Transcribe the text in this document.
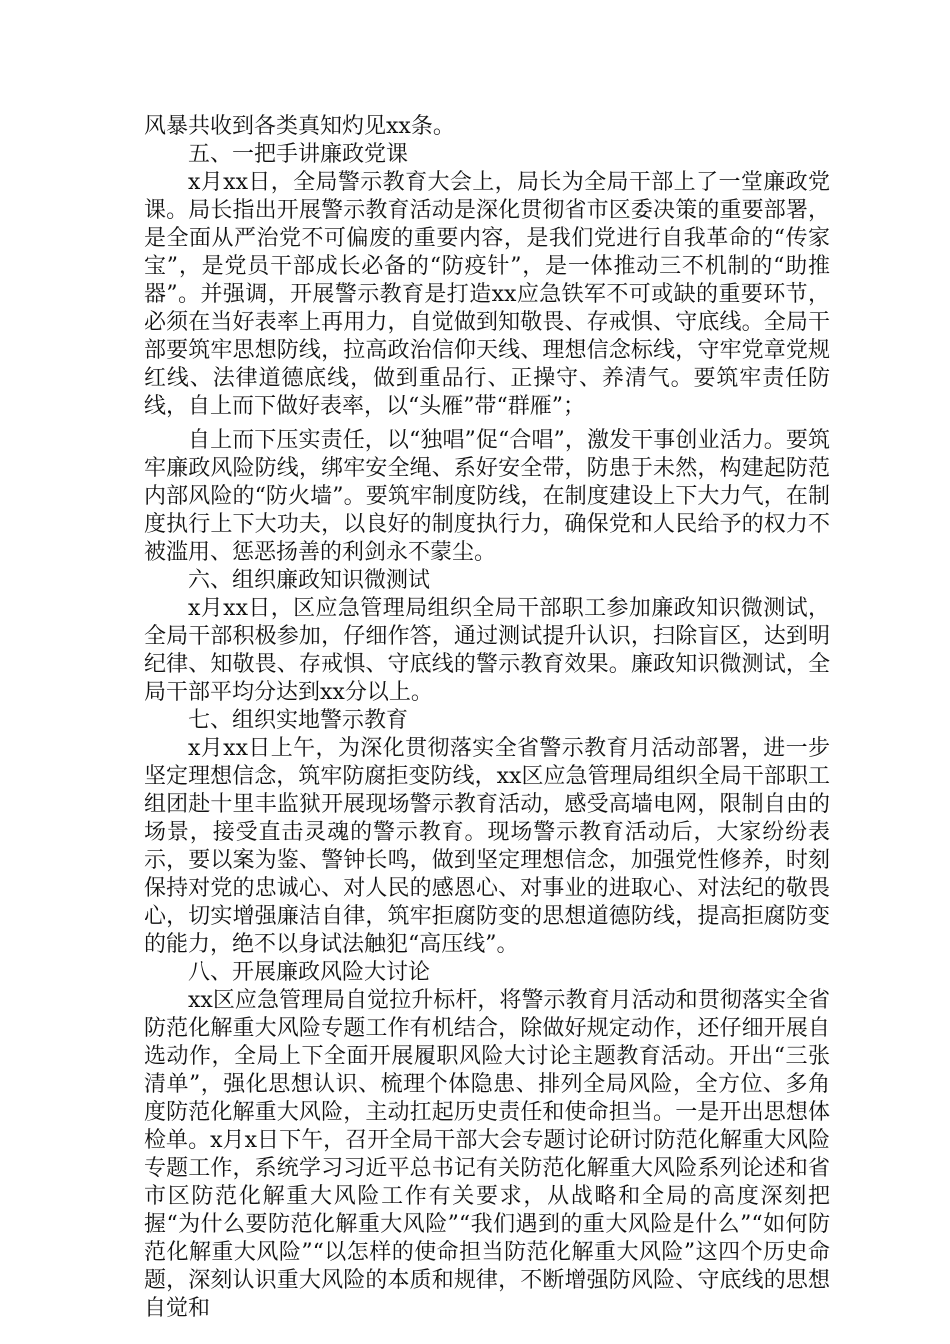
风暴共收到各类真知灼见xx条。

五、一把手讲廉政党课

x月xx日，全局警示教育大会上，局长为全局干部上了一堂廉政党课。局长指出开展警示教育活动是深化贯彻省市区委决策的重要部署，是全面从严治党不可偏废的重要内容，是我们党进行自我革命的“传家宝”，是党员干部成长必备的“防疫针”，是一体推动三不机制的“助推器”。并强调，开展警示教育是打造xx应急铁军不可或缺的重要环节，必须在当好表率上再用力，自觉做到知敬畏、存戒惧、守底线。全局干部要筑牢思想防线，拉高政治信仰天线、理想信念标线，守牢党章党规红线、法律道德底线，做到重品行、正操守、养清气。要筑牢责任防线，自上而下做好表率，以“头雁”带“群雁”；

自上而下压实责任，以“独唱”促“合唱”，激发干事创业活力。要筑牢廉政风险防线，绑牢安全绳、系好安全带，防患于未然，构建起防范内部风险的“防火墙”。要筑牢制度防线，在制度建设上下大力气，在制度执行上下大功夫，以良好的制度执行力，确保党和人民给予的权力不被滥用、惩恶扬善的利剑永不蒙尘。

六、组织廉政知识微测试

x月xx日，区应急管理局组织全局干部职工参加廉政知识微测试，全局干部积极参加，仔细作答，通过测试提升认识，扫除盲区，达到明纪律、知敬畏、存戒惧、守底线的警示教育效果。廉政知识微测试，全局干部平均分达到xx分以上。

七、组织实地警示教育

x月xx日上午，为深化贯彻落实全省警示教育月活动部署，进一步坚定理想信念，筑牢防腐拒变防线，xx区应急管理局组织全局干部职工组团赴十里丰监狱开展现场警示教育活动，感受高墙电网，限制自由的场景，接受直击灵魂的警示教育。现场警示教育活动后，大家纷纷表示，要以案为鉴、警钟长鸣，做到坚定理想信念，加强党性修养，时刻保持对党的忠诚心、对人民的感恩心、对事业的进取心、对法纪的敬畏心，切实增强廉洁自律，筑牢拒腐防变的思想道德防线，提高拒腐防变的能力，绝不以身试法触犯“高压线”。

八、开展廉政风险大讨论

xx区应急管理局自觉拉升标杆，将警示教育月活动和贯彻落实全省防范化解重大风险专题工作有机结合，除做好规定动作，还仔细开展自选动作，全局上下全面开展履职风险大讨论主题教育活动。开出“三张清单”，强化思想认识、梳理个体隐患、排列全局风险，全方位、多角度防范化解重大风险，主动扛起历史责任和使命担当。一是开出思想体检单。x月x日下午，召开全局干部大会专题讨论研讨防范化解重大风险专题工作，系统学习习近平总书记有关防范化解重大风险系列论述和省市区防范化解重大风险工作有关要求，从战略和全局的高度深刻把握“为什么要防范化解重大风险”“我们遇到的重大风险是什么”“如何防范化解重大风险”“以怎样的使命担当防范化解重大风险”这四个历史命题，深刻认识重大风险的本质和规律，不断增强防风险、守底线的思想自觉和
